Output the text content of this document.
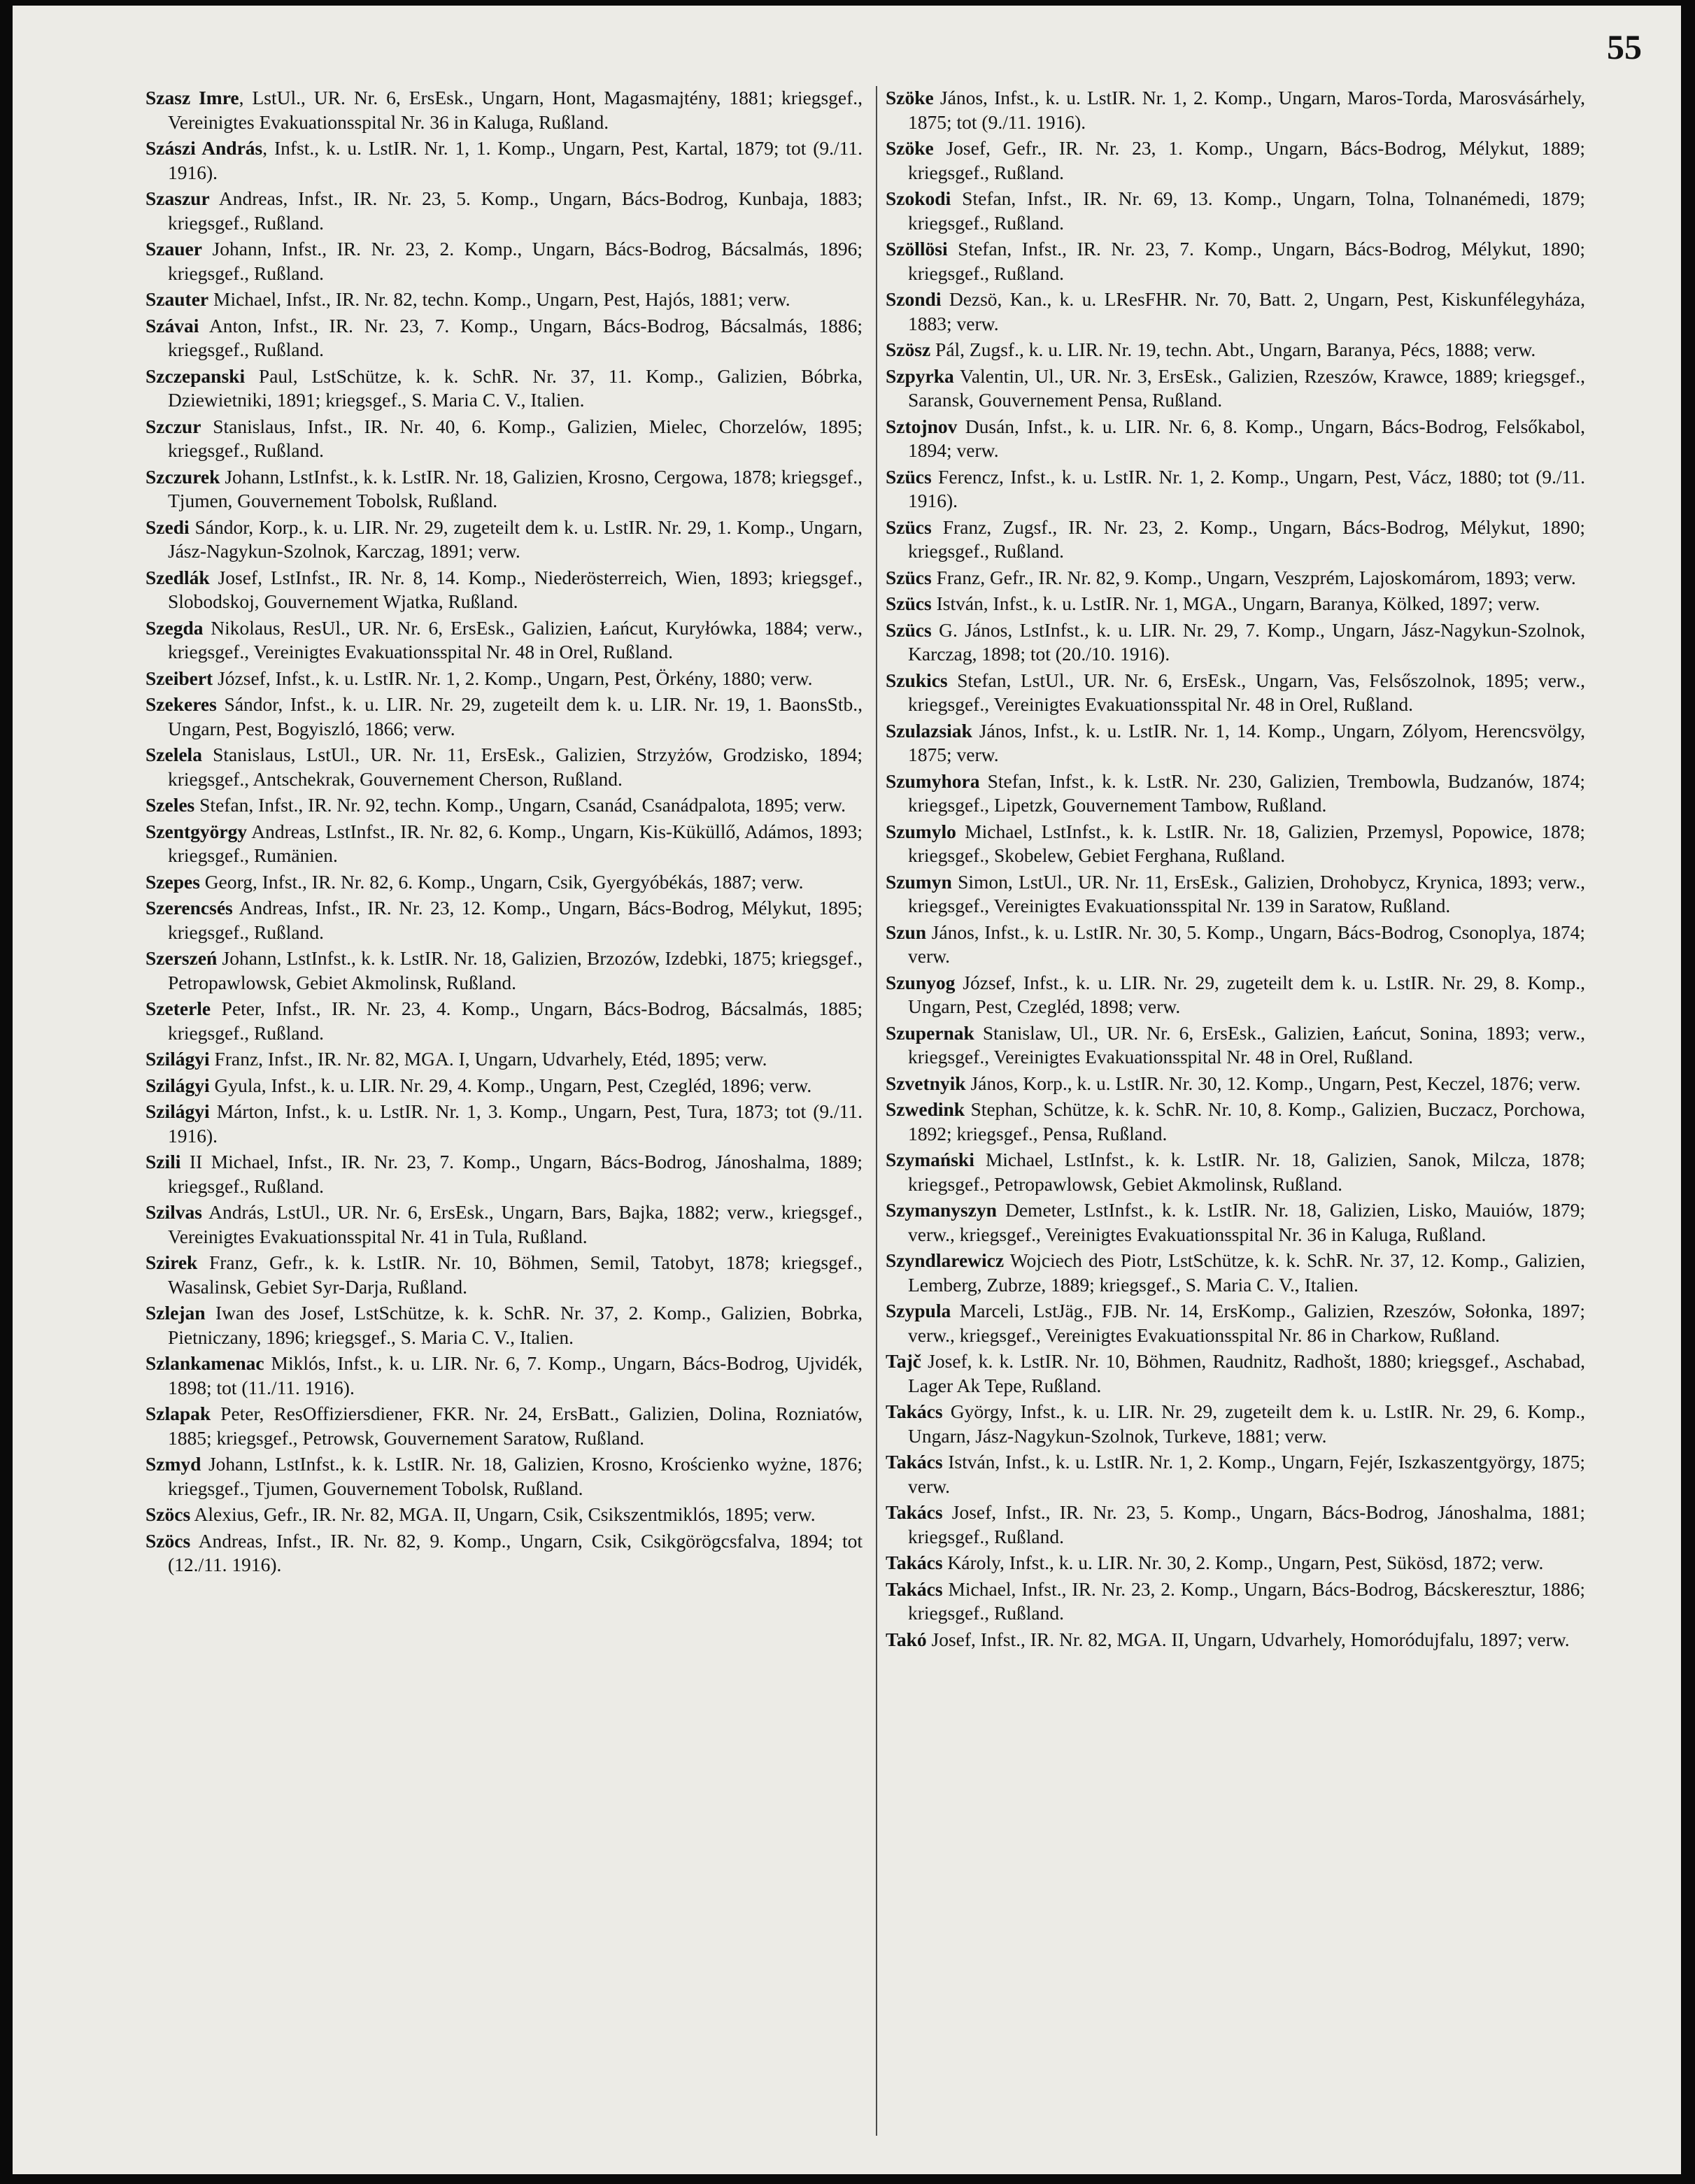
55

Szasz Imre, LstUl., UR. Nr. 6, ErsEsk., Ungarn, Hont, Magasmajtény, 1881; kriegsgef., Vereinigtes Evakuationsspital Nr. 36 in Kaluga, Rußland.

Szászi András, Infst., k. u. LstIR. Nr. 1, 1. Komp., Ungarn, Pest, Kartal, 1879; tot (9./11. 1916).

Szaszur Andreas, Infst., IR. Nr. 23, 5. Komp., Ungarn, Bács-Bodrog, Kunbaja, 1883; kriegsgef., Rußland.

Szauer Johann, Infst., IR. Nr. 23, 2. Komp., Ungarn, Bács-Bodrog, Bácsalmás, 1896; kriegsgef., Rußland.

Szauter Michael, Infst., IR. Nr. 82, techn. Komp., Ungarn, Pest, Hajós, 1881; verw.

Szávai Anton, Infst., IR. Nr. 23, 7. Komp., Ungarn, Bács-Bodrog, Bácsalmás, 1886; kriegsgef., Rußland.

Szczepanski Paul, LstSchütze, k. k. SchR. Nr. 37, 11. Komp., Galizien, Bóbrka, Dziewietniki, 1891; kriegsgef., S. Maria C. V., Italien.

Szczur Stanislaus, Infst., IR. Nr. 40, 6. Komp., Galizien, Mielec, Chorzelów, 1895; kriegsgef., Rußland.

Szczurek Johann, LstInfst., k. k. LstIR. Nr. 18, Galizien, Krosno, Cergowa, 1878; kriegsgef., Tjumen, Gouvernement Tobolsk, Rußland.

Szedi Sándor, Korp., k. u. LIR. Nr. 29, zugeteilt dem k. u. LstIR. Nr. 29, 1. Komp., Ungarn, Jász-Nagykun-Szolnok, Karczag, 1891; verw.

Szedlák Josef, LstInfst., IR. Nr. 8, 14. Komp., Niederösterreich, Wien, 1893; kriegsgef., Slobodskoj, Gouvernement Wjatka, Rußland.

Szegda Nikolaus, ResUl., UR. Nr. 6, ErsEsk., Galizien, Łańcut, Kuryłówka, 1884; verw., kriegsgef., Vereinigtes Evakuationsspital Nr. 48 in Orel, Rußland.

Szeibert József, Infst., k. u. LstIR. Nr. 1, 2. Komp., Ungarn, Pest, Örkény, 1880; verw.

Szekeres Sándor, Infst., k. u. LIR. Nr. 29, zugeteilt dem k. u. LIR. Nr. 19, 1. BaonsStb., Ungarn, Pest, Bogyiszló, 1866; verw.

Szelela Stanislaus, LstUl., UR. Nr. 11, ErsEsk., Galizien, Strzyżów, Grodzisko, 1894; kriegsgef., Antschekrak, Gouvernement Cherson, Rußland.

Szeles Stefan, Infst., IR. Nr. 92, techn. Komp., Ungarn, Csanád, Csanádpalota, 1895; verw.

Szentgyörgy Andreas, LstInfst., IR. Nr. 82, 6. Komp., Ungarn, Kis-Küküllő, Adámos, 1893; kriegsgef., Rumänien.

Szepes Georg, Infst., IR. Nr. 82, 6. Komp., Ungarn, Csik, Gyergyóbékás, 1887; verw.

Szerencsés Andreas, Infst., IR. Nr. 23, 12. Komp., Ungarn, Bács-Bodrog, Mélykut, 1895; kriegsgef., Rußland.

Szerszeń Johann, LstInfst., k. k. LstIR. Nr. 18, Galizien, Brzozów, Izdebki, 1875; kriegsgef., Petropawlowsk, Gebiet Akmolinsk, Rußland.

Szeterle Peter, Infst., IR. Nr. 23, 4. Komp., Ungarn, Bács-Bodrog, Bácsalmás, 1885; kriegsgef., Rußland.

Szilágyi Franz, Infst., IR. Nr. 82, MGA. I, Ungarn, Udvarhely, Etéd, 1895; verw.

Szilágyi Gyula, Infst., k. u. LIR. Nr. 29, 4. Komp., Ungarn, Pest, Czegléd, 1896; verw.

Szilágyi Márton, Infst., k. u. LstIR. Nr. 1, 3. Komp., Ungarn, Pest, Tura, 1873; tot (9./11. 1916).

Szili II Michael, Infst., IR. Nr. 23, 7. Komp., Ungarn, Bács-Bodrog, Jánoshalma, 1889; kriegsgef., Rußland.

Szilvas András, LstUl., UR. Nr. 6, ErsEsk., Ungarn, Bars, Bajka, 1882; verw., kriegsgef., Vereinigtes Evakuationsspital Nr. 41 in Tula, Rußland.

Szirek Franz, Gefr., k. k. LstIR. Nr. 10, Böhmen, Semil, Tatobyt, 1878; kriegsgef., Wasalinsk, Gebiet Syr-Darja, Rußland.

Szlejan Iwan des Josef, LstSchütze, k. k. SchR. Nr. 37, 2. Komp., Galizien, Bobrka, Pietniczany, 1896; kriegsgef., S. Maria C. V., Italien.

Szlankamenac Miklós, Infst., k. u. LIR. Nr. 6, 7. Komp., Ungarn, Bács-Bodrog, Ujvidék, 1898; tot (11./11. 1916).

Szlapak Peter, ResOffiziersdiener, FKR. Nr. 24, ErsBatt., Galizien, Dolina, Rozniatów, 1885; kriegsgef., Petrowsk, Gouvernement Saratow, Rußland.

Szmyd Johann, LstInfst., k. k. LstIR. Nr. 18, Galizien, Krosno, Krościenko wyżne, 1876; kriegsgef., Tjumen, Gouvernement Tobolsk, Rußland.

Szöcs Alexius, Gefr., IR. Nr. 82, MGA. II, Ungarn, Csik, Csikszentmiklós, 1895; verw.

Szöcs Andreas, Infst., IR. Nr. 82, 9. Komp., Ungarn, Csik, Csikgörögcsfalva, 1894; tot (12./11. 1916).

Szöke János, Infst., k. u. LstIR. Nr. 1, 2. Komp., Ungarn, Maros-Torda, Marosvásárhely, 1875; tot (9./11. 1916).

Szöke Josef, Gefr., IR. Nr. 23, 1. Komp., Ungarn, Bács-Bodrog, Mélykut, 1889; kriegsgef., Rußland.

Szokodi Stefan, Infst., IR. Nr. 69, 13. Komp., Ungarn, Tolna, Tolnanémedi, 1879; kriegsgef., Rußland.

Szöllösi Stefan, Infst., IR. Nr. 23, 7. Komp., Ungarn, Bács-Bodrog, Mélykut, 1890; kriegsgef., Rußland.

Szondi Dezsö, Kan., k. u. LResFHR. Nr. 70, Batt. 2, Ungarn, Pest, Kiskunfélegyháza, 1883; verw.

Szösz Pál, Zugsf., k. u. LIR. Nr. 19, techn. Abt., Ungarn, Baranya, Pécs, 1888; verw.

Szpyrka Valentin, Ul., UR. Nr. 3, ErsEsk., Galizien, Rzeszów, Krawce, 1889; kriegsgef., Saransk, Gouvernement Pensa, Rußland.

Sztojnov Dusán, Infst., k. u. LIR. Nr. 6, 8. Komp., Ungarn, Bács-Bodrog, Felsőkabol, 1894; verw.

Szücs Ferencz, Infst., k. u. LstIR. Nr. 1, 2. Komp., Ungarn, Pest, Vácz, 1880; tot (9./11. 1916).

Szücs Franz, Zugsf., IR. Nr. 23, 2. Komp., Ungarn, Bács-Bodrog, Mélykut, 1890; kriegsgef., Rußland.

Szücs Franz, Gefr., IR. Nr. 82, 9. Komp., Ungarn, Veszprém, Lajoskomárom, 1893; verw.

Szücs István, Infst., k. u. LstIR. Nr. 1, MGA., Ungarn, Baranya, Kölked, 1897; verw.

Szücs G. János, LstInfst., k. u. LIR. Nr. 29, 7. Komp., Ungarn, Jász-Nagykun-Szolnok, Karczag, 1898; tot (20./10. 1916).

Szukics Stefan, LstUl., UR. Nr. 6, ErsEsk., Ungarn, Vas, Felsőszolnok, 1895; verw., kriegsgef., Vereinigtes Evakuationsspital Nr. 48 in Orel, Rußland.

Szulazsiak János, Infst., k. u. LstIR. Nr. 1, 14. Komp., Ungarn, Zólyom, Herencsvölgy, 1875; verw.

Szumyhora Stefan, Infst., k. k. LstR. Nr. 230, Galizien, Trembowla, Budzanów, 1874; kriegsgef., Lipetzk, Gouvernement Tambow, Rußland.

Szumylo Michael, LstInfst., k. k. LstIR. Nr. 18, Galizien, Przemysl, Popowice, 1878; kriegsgef., Skobelew, Gebiet Ferghana, Rußland.

Szumyn Simon, LstUl., UR. Nr. 11, ErsEsk., Galizien, Drohobycz, Krynica, 1893; verw., kriegsgef., Vereinigtes Evakuationsspital Nr. 139 in Saratow, Rußland.

Szun János, Infst., k. u. LstIR. Nr. 30, 5. Komp., Ungarn, Bács-Bodrog, Csonoplya, 1874; verw.

Szunyog József, Infst., k. u. LIR. Nr. 29, zugeteilt dem k. u. LstIR. Nr. 29, 8. Komp., Ungarn, Pest, Czegléd, 1898; verw.

Szupernak Stanislaw, Ul., UR. Nr. 6, ErsEsk., Galizien, Łańcut, Sonina, 1893; verw., kriegsgef., Vereinigtes Evakuationsspital Nr. 48 in Orel, Rußland.

Szvetnyik János, Korp., k. u. LstIR. Nr. 30, 12. Komp., Ungarn, Pest, Keczel, 1876; verw.

Szwedink Stephan, Schütze, k. k. SchR. Nr. 10, 8. Komp., Galizien, Buczacz, Porchowa, 1892; kriegsgef., Pensa, Rußland.

Szymański Michael, LstInfst., k. k. LstIR. Nr. 18, Galizien, Sanok, Milcza, 1878; kriegsgef., Petropawlowsk, Gebiet Akmolinsk, Rußland.

Szymanyszyn Demeter, LstInfst., k. k. LstIR. Nr. 18, Galizien, Lisko, Mauiów, 1879; verw., kriegsgef., Vereinigtes Evakuationsspital Nr. 36 in Kaluga, Rußland.

Szyndlarewicz Wojciech des Piotr, LstSchütze, k. k. SchR. Nr. 37, 12. Komp., Galizien, Lemberg, Zubrze, 1889; kriegsgef., S. Maria C. V., Italien.

Szypula Marceli, LstJäg., FJB. Nr. 14, ErsKomp., Galizien, Rzeszów, Sołonka, 1897; verw., kriegsgef., Vereinigtes Evakuationsspital Nr. 86 in Charkow, Rußland.

Tajč Josef, k. k. LstIR. Nr. 10, Böhmen, Raudnitz, Radhošt, 1880; kriegsgef., Aschabad, Lager Ak Tepe, Rußland.

Takács György, Infst., k. u. LIR. Nr. 29, zugeteilt dem k. u. LstIR. Nr. 29, 6. Komp., Ungarn, Jász-Nagykun-Szolnok, Turkeve, 1881; verw.

Takács István, Infst., k. u. LstIR. Nr. 1, 2. Komp., Ungarn, Fejér, Iszkaszentgyörgy, 1875; verw.

Takács Josef, Infst., IR. Nr. 23, 5. Komp., Ungarn, Bács-Bodrog, Jánoshalma, 1881; kriegsgef., Rußland.

Takács Károly, Infst., k. u. LIR. Nr. 30, 2. Komp., Ungarn, Pest, Sükösd, 1872; verw.

Takács Michael, Infst., IR. Nr. 23, 2. Komp., Ungarn, Bács-Bodrog, Bácskeresztur, 1886; kriegsgef., Rußland.

Takó Josef, Infst., IR. Nr. 82, MGA. II, Ungarn, Udvarhely, Homoródujfalu, 1897; verw.
